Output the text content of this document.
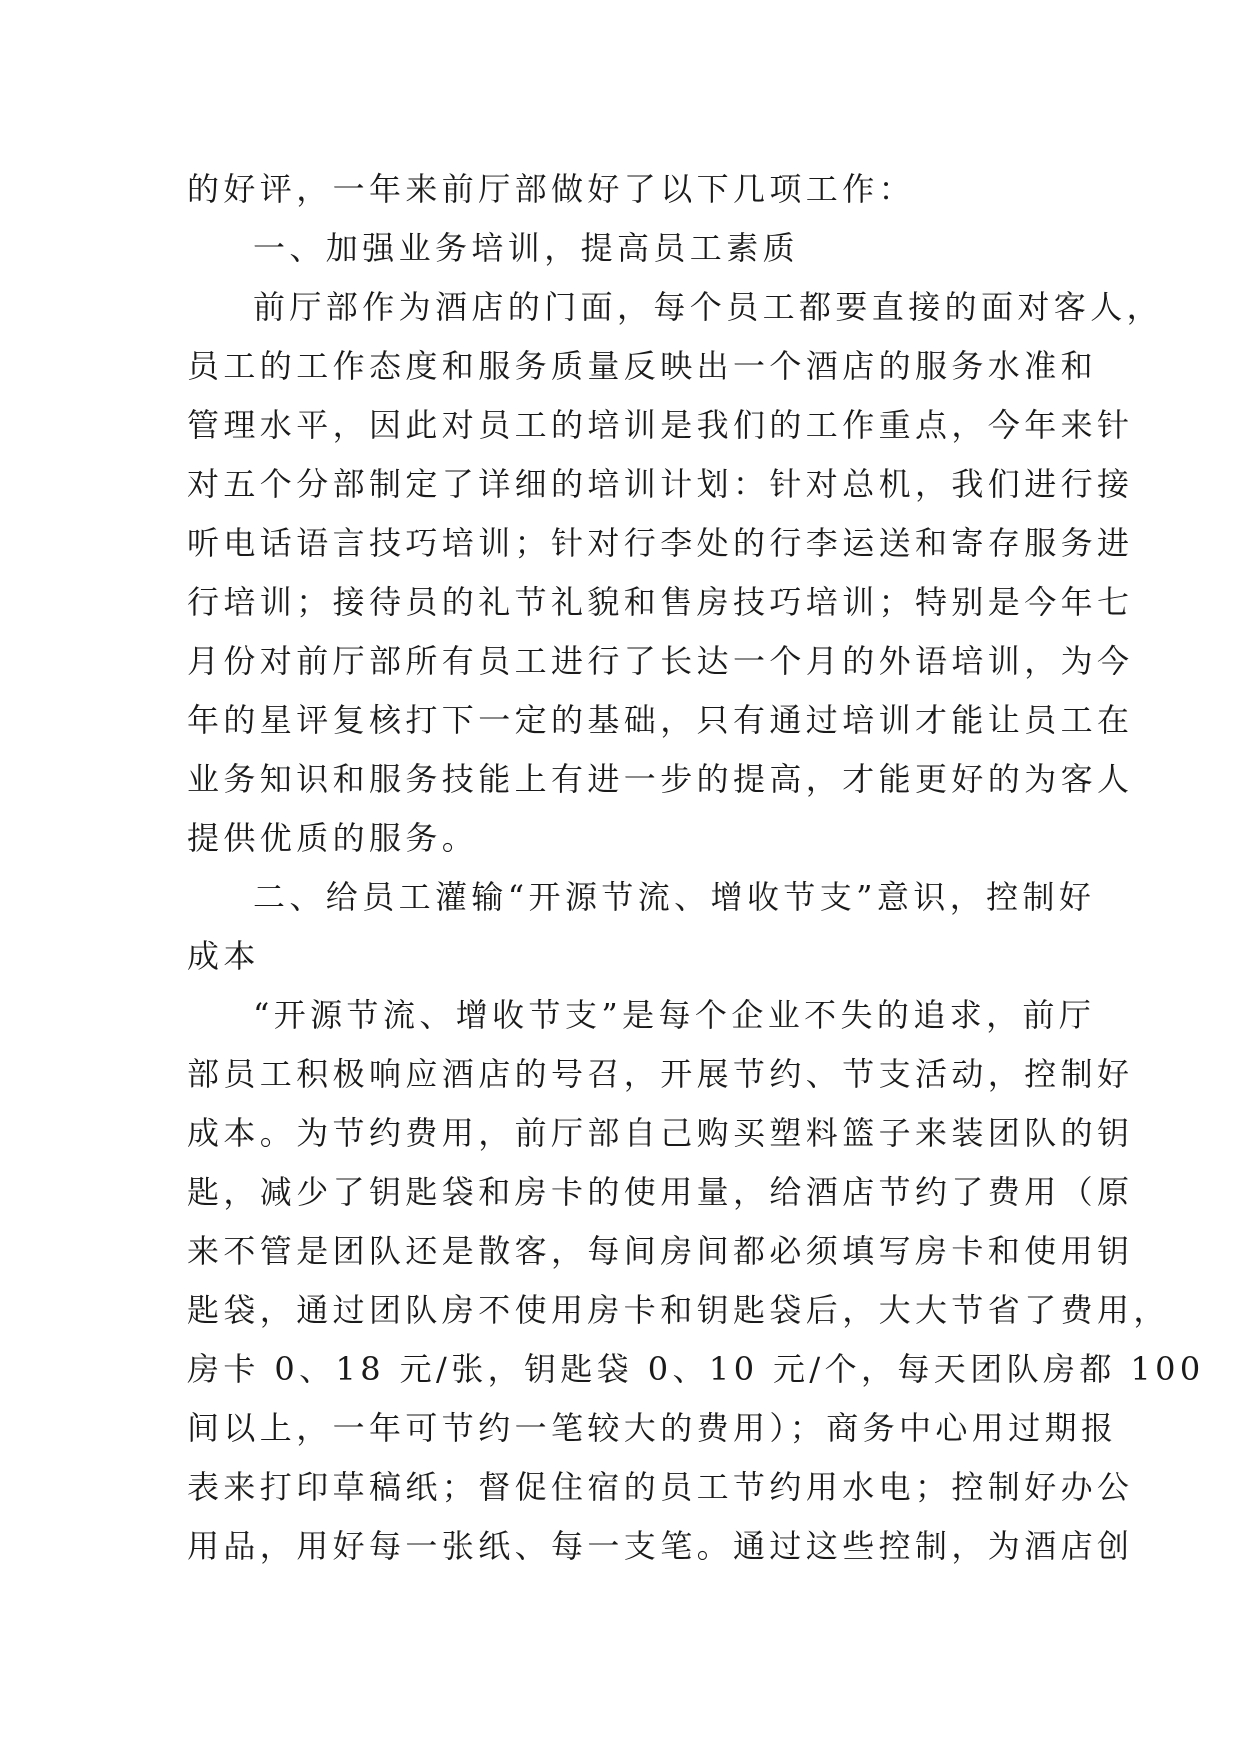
的好评，一年来前厅部做好了以下几项工作：
一、加强业务培训，提高员工素质
前厅部作为酒店的门面，每个员工都要直接的面对客人，
员工的工作态度和服务质量反映出一个酒店的服务水准和
管理水平，因此对员工的培训是我们的工作重点，今年来针
对五个分部制定了详细的培训计划：针对总机，我们进行接
听电话语言技巧培训；针对行李处的行李运送和寄存服务进
行培训；接待员的礼节礼貌和售房技巧培训；特别是今年七
月份对前厅部所有员工进行了长达一个月的外语培训，为今
年的星评复核打下一定的基础，只有通过培训才能让员工在
业务知识和服务技能上有进一步的提高，才能更好的为客人
提供优质的服务。
二、给员工灌输“开源节流、增收节支”意识，控制好
成本
“开源节流、增收节支”是每个企业不失的追求，前厅
部员工积极响应酒店的号召，开展节约、节支活动，控制好
成本。为节约费用，前厅部自己购买塑料篮子来装团队的钥
匙，减少了钥匙袋和房卡的使用量，给酒店节约了费用（原
来不管是团队还是散客，每间房间都必须填写房卡和使用钥
匙袋，通过团队房不使用房卡和钥匙袋后，大大节省了费用，
房卡 0、18 元/张，钥匙袋 0、10 元/个，每天团队房都 100
间以上，一年可节约一笔较大的费用）；商务中心用过期报
表来打印草稿纸；督促住宿的员工节约用水电；控制好办公
用品，用好每一张纸、每一支笔。通过这些控制，为酒店创
